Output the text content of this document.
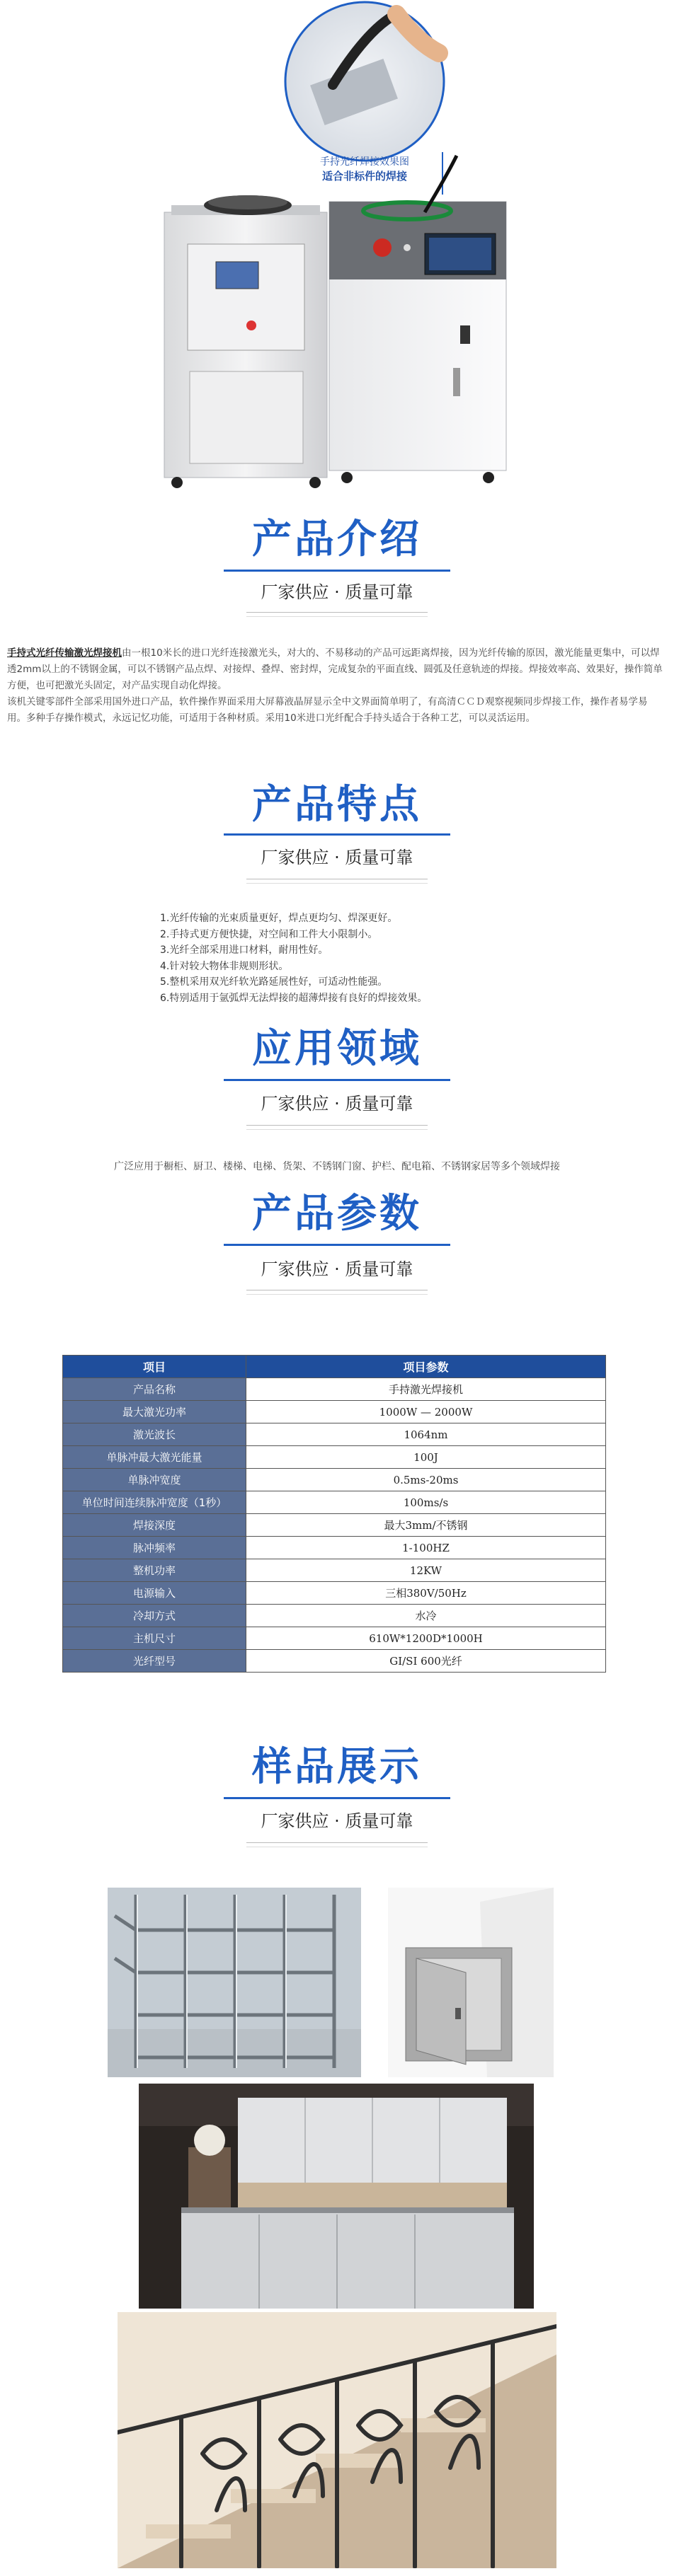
手持光纤焊接效果图
适合非标件的焊接
产品介绍
厂家供应 · 质量可靠
手持式光纤传输激光焊接机由一根10米长的进口光纤连接激光头，对大的、不易移动的产品可远距离焊接，因为光纤传输的原因，激光能量更集中，可以焊透2mm以上的不锈钢金属，可以不锈钢产品点焊、对接焊、叠焊、密封焊，完成复杂的平面直线、圆弧及任意轨迹的焊接。焊接效率高、效果好，操作简单方便，也可把激光头固定，对产品实现自动化焊接。
该机关键零部件全部采用国外进口产品，软件操作界面采用大屏幕液晶屏显示全中文界面简单明了，有高清ＣＣＤ观察视频同步焊接工作，操作者易学易用。多种手存操作模式，永远记忆功能，可适用于各种材质。采用10米进口光纤配合手持头适合于各种工艺，可以灵活运用。
产品特点
厂家供应 · 质量可靠
1.光纤传输的光束质量更好，焊点更均匀、焊深更好。
2.手持式更方便快捷，对空间和工件大小限制小。
3.光纤全部采用进口材料，耐用性好。
4.针对较大物体非规则形状。
5.整机采用双光纤软光路延展性好，可适动性能强。
6.特别适用于氩弧焊无法焊接的超薄焊接有良好的焊接效果。
应用领域
厂家供应 · 质量可靠
广泛应用于橱柜、厨卫、楼梯、电梯、货架、不锈钢门窗、护栏、配电箱、不锈钢家居等多个领域焊接
产品参数
厂家供应 · 质量可靠
项目	项目参数
产品名称	手持激光焊接机
最大激光功率	1000W — 2000W
激光波长	1064nm
单脉冲最大激光能量	100J
单脉冲宽度	0.5ms-20ms
单位时间连续脉冲宽度（1秒）	100ms/s
焊接深度	最大3mm/不锈钢
脉冲频率	1-100HZ
整机功率	12KW
电源输入	三相380V/50Hz
冷却方式	水冷
主机尺寸	610W*1200D*1000H
光纤型号	GI/SI 600光纤
样品展示
厂家供应 · 质量可靠
